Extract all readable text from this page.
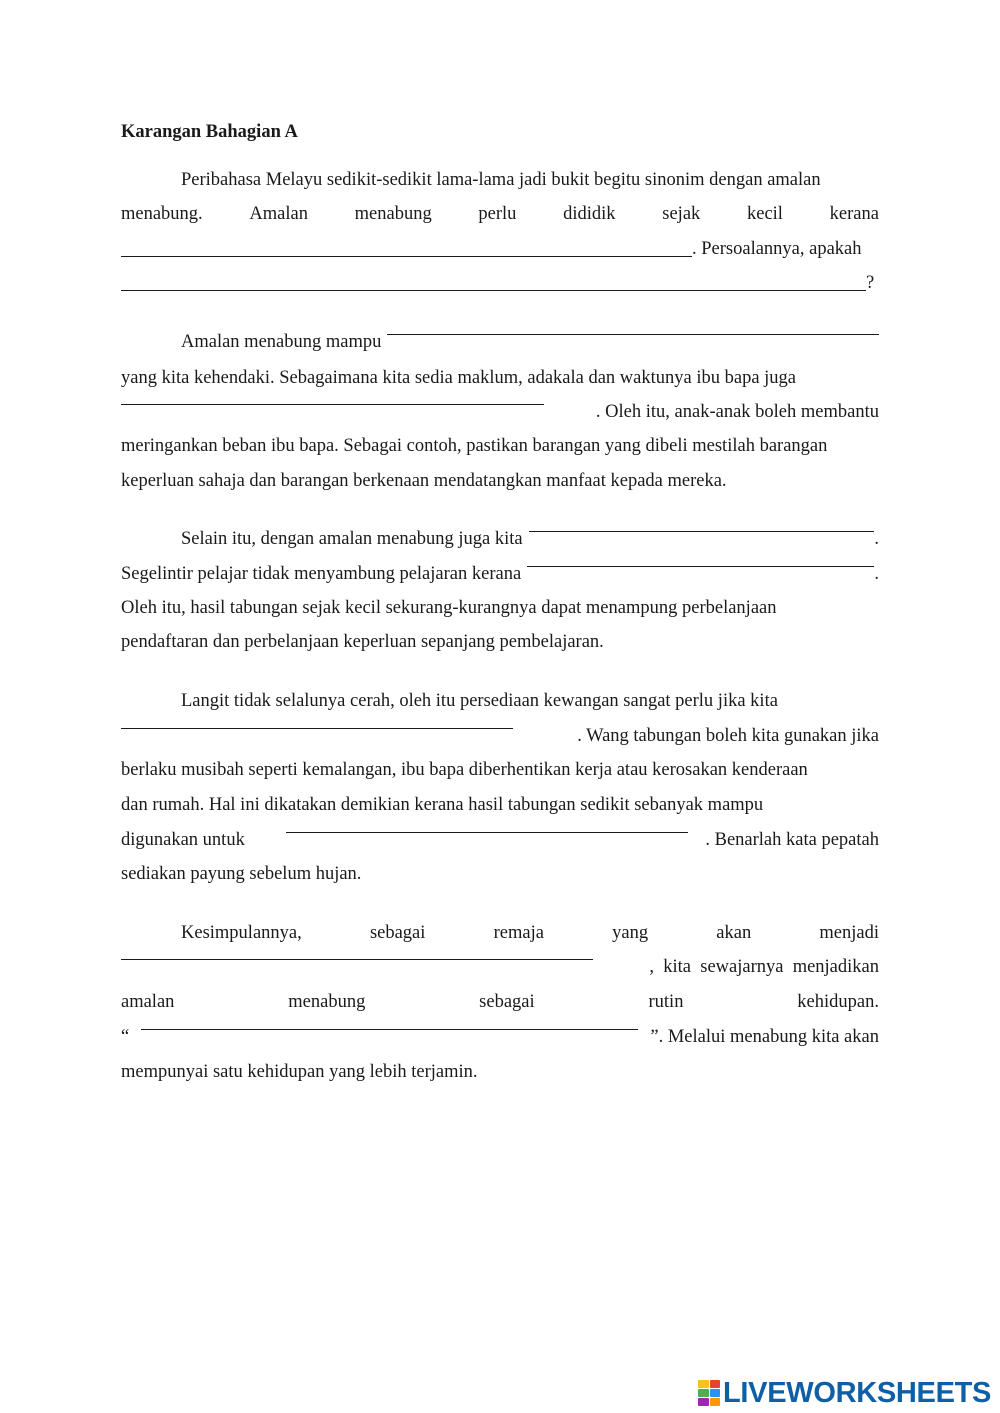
Karangan Bahagian A
Peribahasa Melayu sedikit-sedikit lama-lama jadi bukit begitu sinonim dengan amalan
menabung.	Amalan	menabung	perlu	dididik	sejak	kecil	kerana
. Persoalannya, apakah
?
Amalan menabung mampu
yang kita kehendaki. Sebagaimana kita sedia maklum, adakala dan waktunya ibu bapa juga
. Oleh itu, anak-anak boleh membantu
meringankan beban ibu bapa. Sebagai contoh, pastikan barangan yang dibeli mestilah barangan
keperluan sahaja dan barangan berkenaan mendatangkan manfaat kepada mereka.
Selain itu, dengan amalan menabung juga kita	.
Segelintir pelajar tidak menyambung pelajaran kerana	.
Oleh itu, hasil tabungan sejak kecil sekurang-kurangnya dapat menampung perbelanjaan
pendaftaran dan perbelanjaan keperluan sepanjang pembelajaran.
Langit tidak selalunya cerah, oleh itu persediaan kewangan sangat perlu jika kita
. Wang tabungan boleh kita gunakan jika
berlaku musibah seperti kemalangan, ibu bapa diberhentikan kerja atau kerosakan kenderaan
dan rumah. Hal ini dikatakan demikian kerana hasil tabungan sedikit sebanyak mampu
digunakan untuk	. Benarlah kata pepatah
sediakan payung sebelum hujan.
Kesimpulannya,	sebagai	remaja	yang	akan	menjadi
,  kita  sewajarnya  menjadikan
amalan	menabung	sebagai	rutin	kehidupan.
“	”. Melalui menabung kita akan
mempunyai satu kehidupan yang lebih terjamin.
LIVEWORKSHEETS
